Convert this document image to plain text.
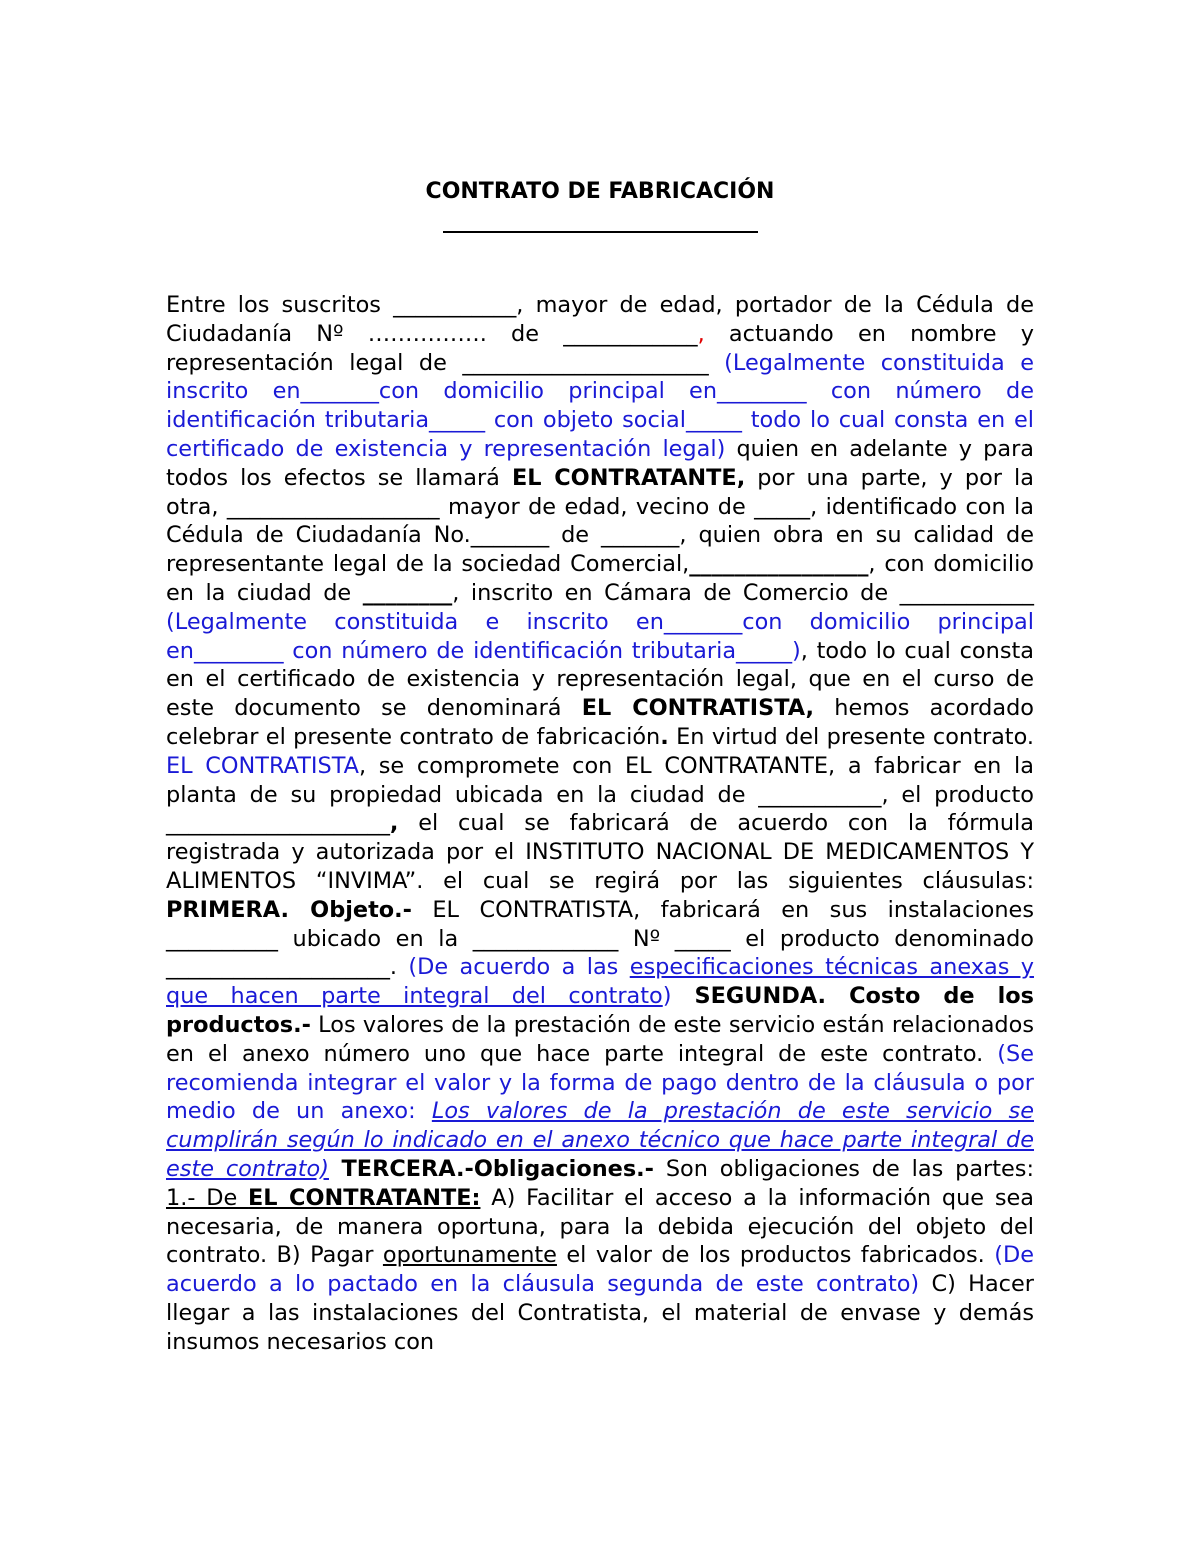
CONTRATO DE FABRICACIÓN
Entre los suscritos ___________, mayor de edad, portador de la Cédula de Ciudadanía Nº ……………. de ____________, actuando en nombre y representación legal de ______________________ (Legalmente constituida e inscrito en_______con domicilio principal en________ con número de identificación tributaria_____ con objeto social_____ todo lo cual consta en el certificado de existencia y representación legal) quien en adelante y para todos los efectos se llamará EL CONTRATANTE, por una parte, y por la otra, ___________________ mayor de edad, vecino de _____, identificado con la Cédula de Ciudadanía No._______ de _______, quien obra en su calidad de representante legal de la sociedad Comercial,________________, con domicilio en la ciudad de ________, inscrito en Cámara de Comercio de ____________ (Legalmente constituida e inscrito en_______con domicilio principal en________ con número de identificación tributaria_____), todo lo cual consta en el certificado de existencia y representación legal, que en el curso de este documento se denominará EL CONTRATISTA, hemos acordado celebrar el presente contrato de fabricación. En virtud del presente contrato. EL CONTRATISTA, se compromete con EL CONTRATANTE, a fabricar en la planta de su propiedad ubicada en la ciudad de ___________, el producto ____________________, el cual se fabricará de acuerdo con la fórmula registrada y autorizada por el INSTITUTO NACIONAL DE MEDICAMENTOS Y ALIMENTOS “INVIMA”. el cual se regirá por las siguientes cláusulas: PRIMERA. Objeto.- EL CONTRATISTA, fabricará en sus instalaciones __________ ubicado en la _____________ Nº _____ el producto denominado ____________________. (De acuerdo a las especificaciones técnicas anexas y que hacen parte integral del contrato) SEGUNDA. Costo de los productos.- Los valores de la prestación de este servicio están relacionados en el anexo número uno que hace parte integral de este contrato. (Se recomienda integrar el valor y la forma de pago dentro de la cláusula o por medio de un anexo: Los valores de la prestación de este servicio se cumplirán según lo indicado en el anexo técnico que hace parte integral de este contrato) TERCERA.-Obligaciones.- Son obligaciones de las partes: 1.- De EL CONTRATANTE: A) Facilitar el acceso a la información que sea necesaria, de manera oportuna, para la debida ejecución del objeto del contrato. B) Pagar oportunamente el valor de los productos fabricados. (De acuerdo a lo pactado en la cláusula segunda de este contrato) C) Hacer llegar a las instalaciones del Contratista, el material de envase y demás insumos necesarios con
